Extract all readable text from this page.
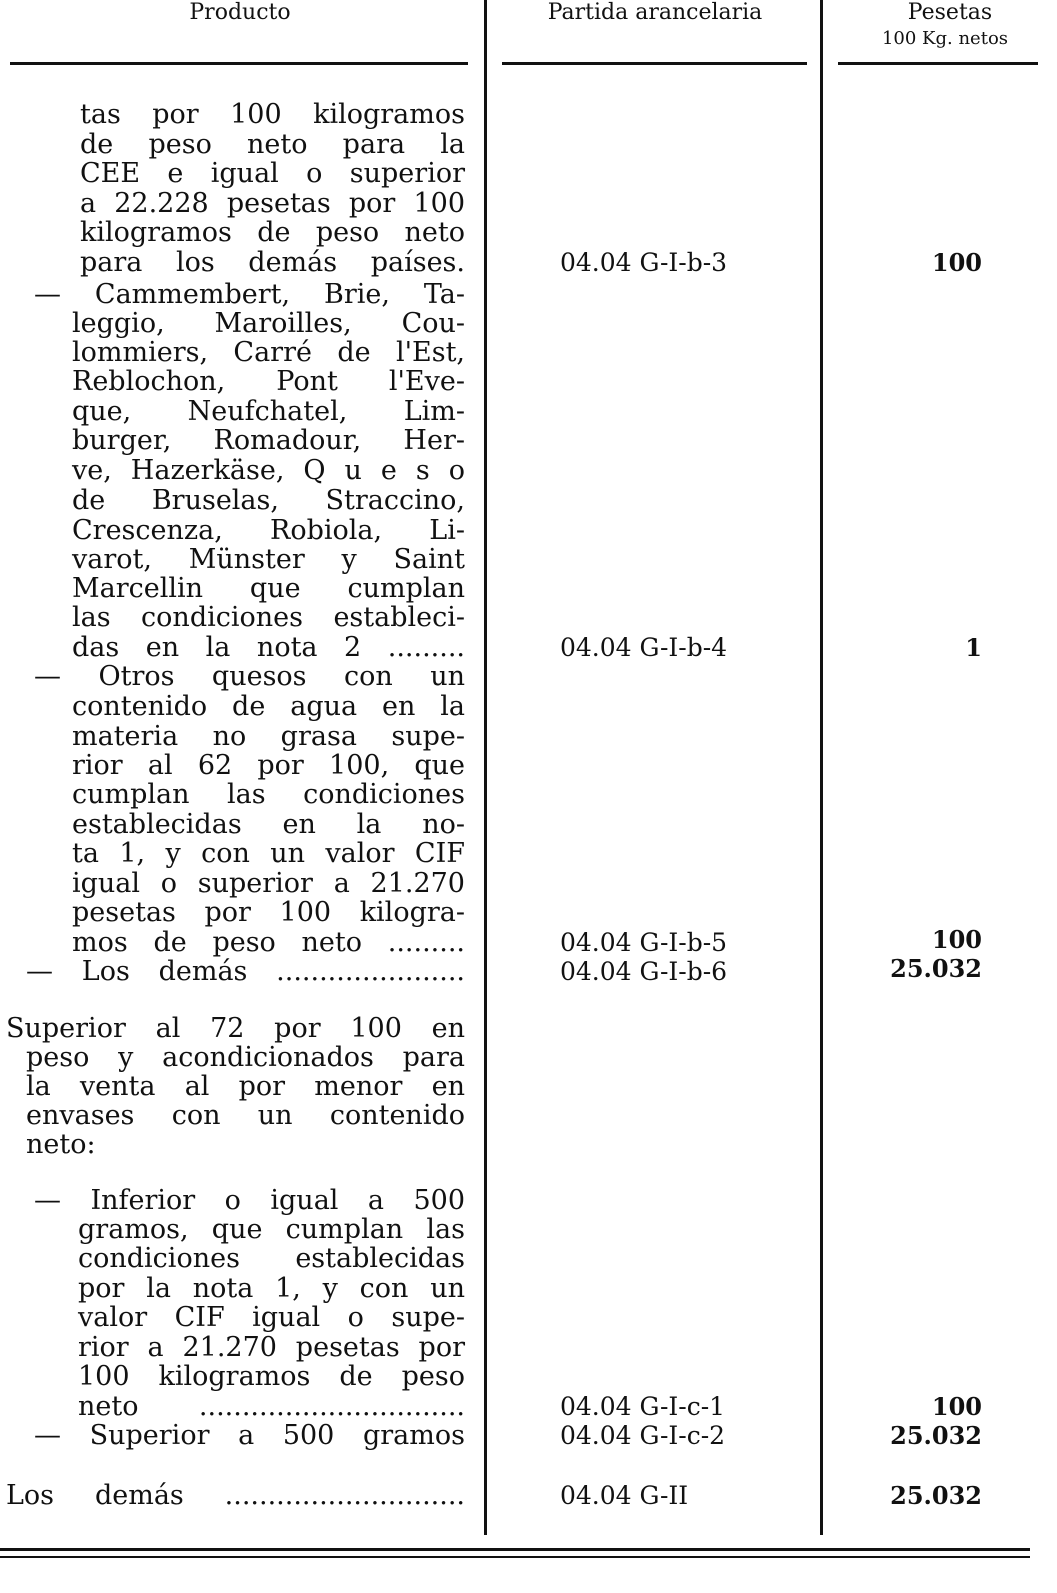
Producto	Partida arancelaria	Pesetas
100 Kg. netos
tas por 100 kilogramos
de peso neto para la
CEE e igual o superior
a 22.228 pesetas por 100
kilogramos de peso neto
para los demás países.
— Cammembert, Brie, Ta-
leggio, Maroilles, Cou-
lommiers, Carré de l'Est,
Reblochon, Pont l'Eve-
que, Neufchatel, Lim-
burger, Romadour, Her-
ve, Hazerkäse, Q u e s o
de Bruselas, Straccino,
Crescenza, Robiola, Li-
varot, Münster y Saint
Marcellin que cumplan
las condiciones estableci-
das en la nota 2 .........
— Otros quesos con un
contenido de agua en la
materia no grasa supe-
rior al 62 por 100, que
cumplan las condiciones
establecidas en la no-
ta 1, y con un valor CIF
igual o superior a 21.270
pesetas por 100 kilogra-
mos de peso neto .........
— Los demás ......................
Superior al 72 por 100 en
peso y acondicionados para
la venta al por menor en
envases con un contenido
neto:
— Inferior o igual a 500
gramos, que cumplan las
condiciones establecidas
por la nota 1, y con un
valor CIF igual o supe-
rior a 21.270 pesetas por
100 kilogramos de peso
neto ...............................
— Superior a 500 gramos
Los demás ............................
04.04 G-I-b-3
04.04 G-I-b-4
04.04 G-I-b-5
04.04 G-I-b-6
04.04 G-I-c-1
04.04 G-I-c-2
04.04 G-II
100
1
100
25.032
100
25.032
25.032
